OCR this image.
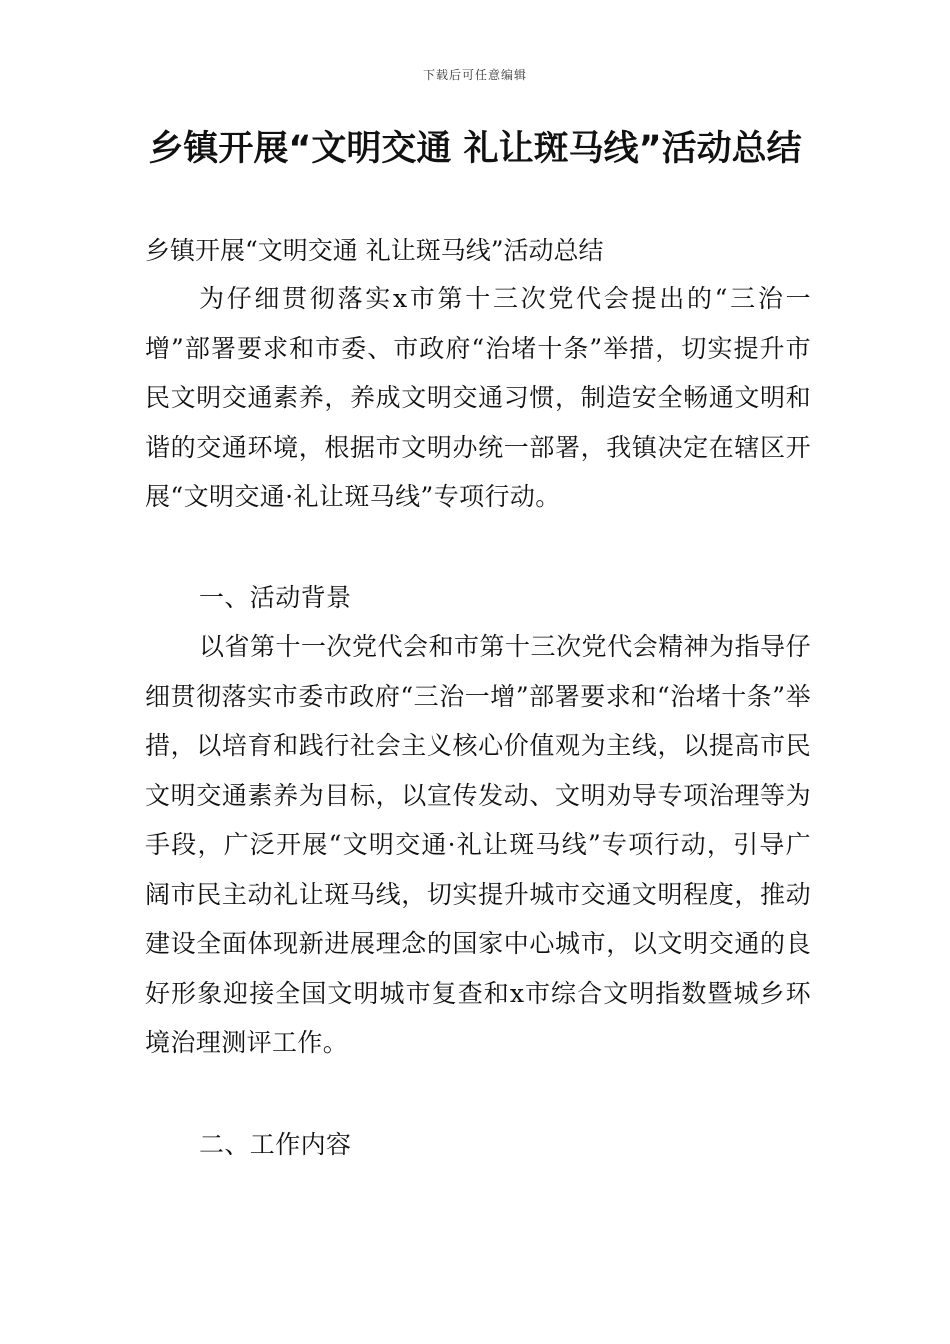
下载后可任意编辑
乡镇开展“文明交通 礼让斑马线”活动总结
乡镇开展“文明交通 礼让斑马线”活动总结
为仔细贯彻落实x市第十三次党代会提出的“三治一增”部署要求和市委、市政府“治堵十条”举措，切实提升市民文明交通素养，养成文明交通习惯，制造安全畅通文明和谐的交通环境，根据市文明办统一部署，我镇决定在辖区开展“文明交通·礼让斑马线”专项行动。
一、活动背景
以省第十一次党代会和市第十三次党代会精神为指导仔细贯彻落实市委市政府“三治一增”部署要求和“治堵十条”举措，以培育和践行社会主义核心价值观为主线，以提高市民文明交通素养为目标，以宣传发动、文明劝导专项治理等为手段，广泛开展“文明交通·礼让斑马线”专项行动，引导广阔市民主动礼让斑马线，切实提升城市交通文明程度，推动建设全面体现新进展理念的国家中心城市，以文明交通的良好形象迎接全国文明城市复查和x市综合文明指数暨城乡环境治理测评工作。
二、工作内容
